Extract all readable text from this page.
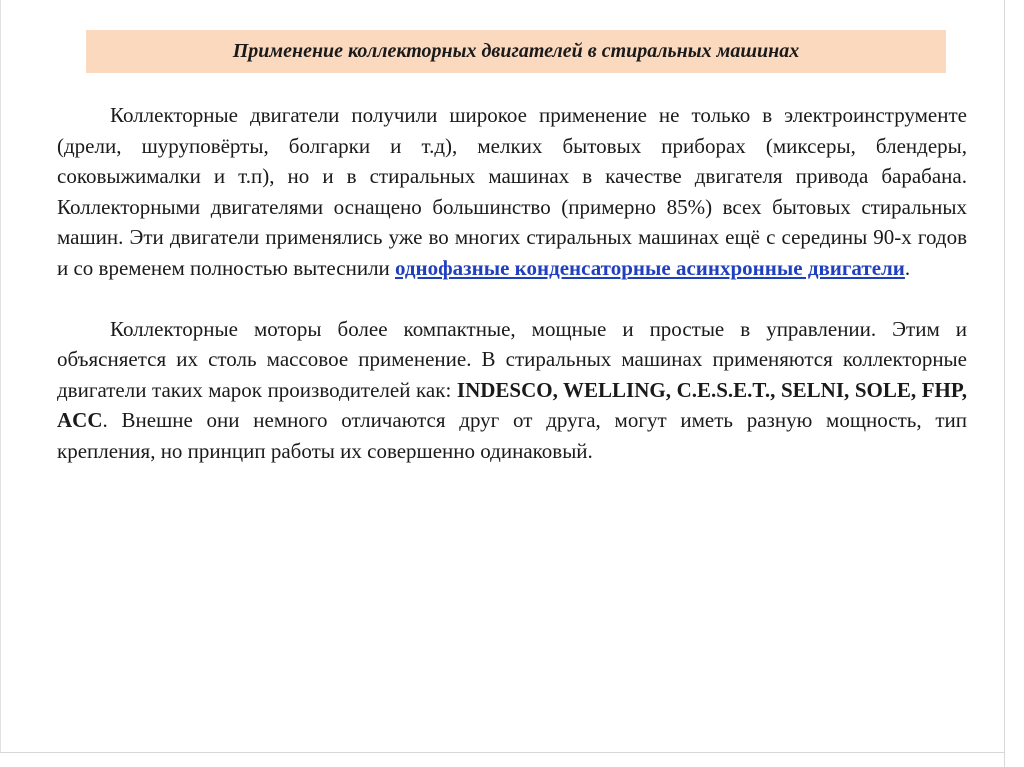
Применение коллекторных двигателей в стиральных машинах

Коллекторные двигатели получили широкое применение не только в электроинструменте (дрели, шуруповёрты, болгарки и т.д), мелких бытовых приборах (миксеры, блендеры, соковыжималки и т.п), но и в стиральных машинах в качестве двигателя привода барабана. Коллекторными двигателями оснащено большинство (примерно 85%) всех бытовых стиральных машин. Эти двигатели применялись уже во многих стиральных машинах ещё с середины 90-х годов и со временем полностью вытеснили однофазные конденсаторные асинхронные двигатели.

Коллекторные моторы более компактные, мощные и простые в управлении. Этим и объясняется их столь массовое применение. В стиральных машинах применяются коллекторные двигатели таких марок производителей как: INDESCO, WELLING, C.E.S.E.T., SELNI, SOLE, FHP, ACC. Внешне они немного отличаются друг от друга, могут иметь разную мощность, тип крепления, но принцип работы их совершенно одинаковый.
